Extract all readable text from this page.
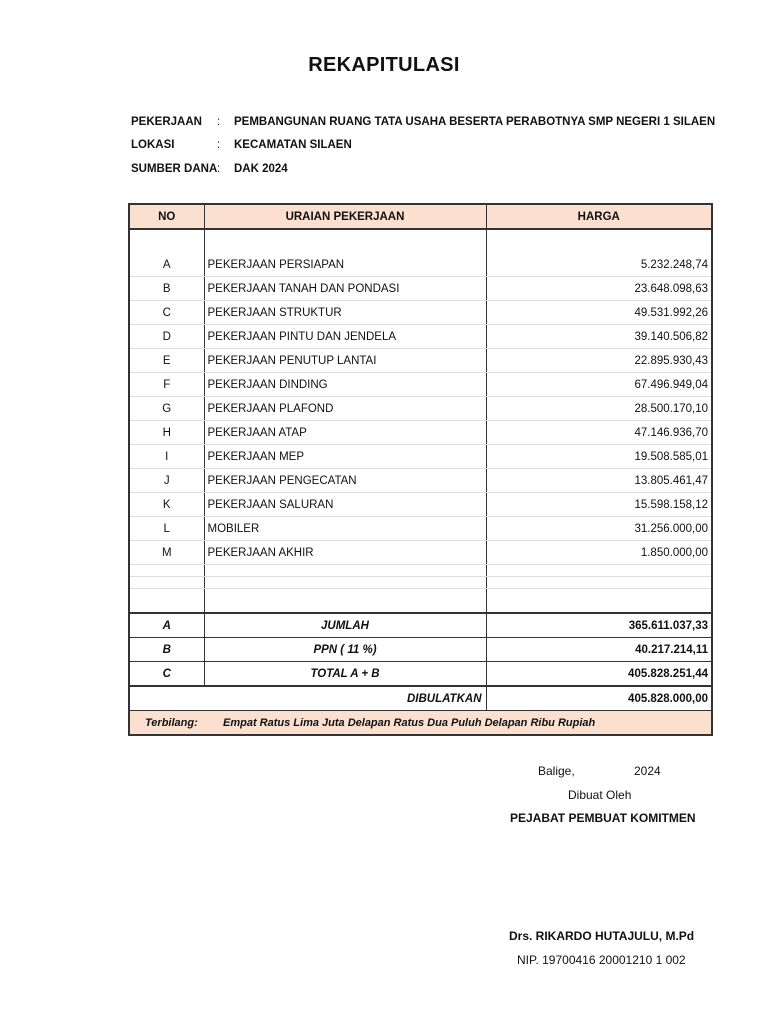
REKAPITULASI
PEKERJAAN	: PEMBANGUNAN RUANG TATA USAHA BESERTA PERABOTNYA SMP NEGERI 1 SILAEN
LOKASI	: KECAMATAN SILAEN
SUMBER DANA : DAK 2024
NO	URAIAN PEKERJAAN	HARGA

A	PEKERJAAN PERSIAPAN	5.232.248,74
B	PEKERJAAN TANAH DAN PONDASI	23.648.098,63
C	PEKERJAAN STRUKTUR	49.531.992,26
D	PEKERJAAN PINTU DAN JENDELA	39.140.506,82
E	PEKERJAAN PENUTUP LANTAI	22.895.930,43
F	PEKERJAAN DINDING	67.496.949,04
G	PEKERJAAN PLAFOND	28.500.170,10
H	PEKERJAAN ATAP	47.146.936,70
I	PEKERJAAN MEP	19.508.585,01
J	PEKERJAAN PENGECATAN	13.805.461,47
K	PEKERJAAN SALURAN	15.598.158,12
L	MOBILER	31.256.000,00
M	PEKERJAAN AKHIR	1.850.000,00

A	JUMLAH	365.611.037,33
B	PPN ( 11 %)	40.217.214,11
C	TOTAL A + B	405.828.251,44
DIBULATKAN		405.828.000,00
Terbilang: Empat Ratus Lima Juta Delapan Ratus Dua Puluh Delapan Ribu Rupiah		
Balige,	2024
Dibuat Oleh
PEJABAT PEMBUAT KOMITMEN
Drs. RIKARDO HUTAJULU, M.Pd
NIP. 19700416 20001210 1 002
